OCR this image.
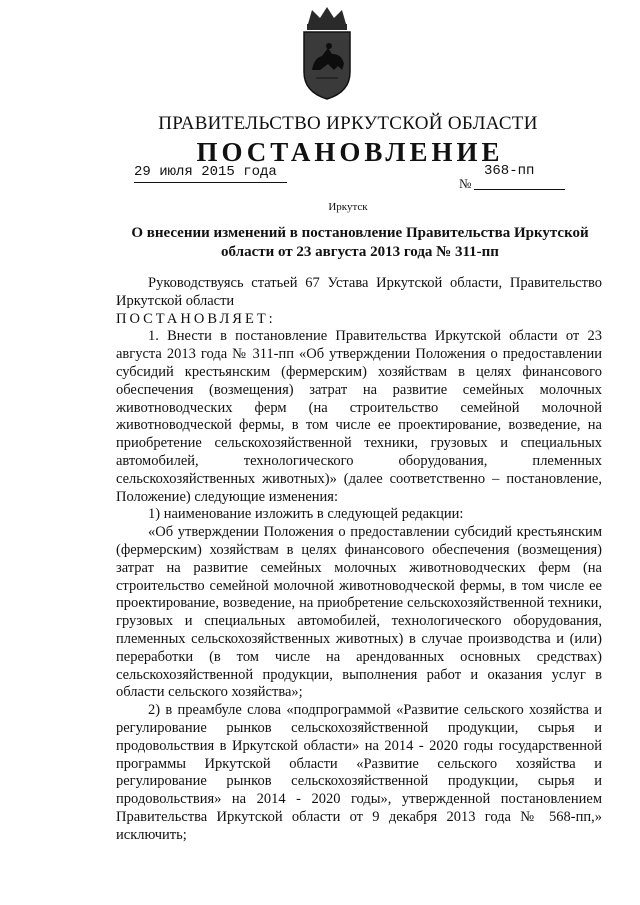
ПРАВИТЕЛЬСТВО ИРКУТСКОЙ ОБЛАСТИ
ПОСТАНОВЛЕНИЕ
29 июля 2015 года	368-пп
№
Иркутск
О внесении изменений в постановление Правительства Иркутской области от 23 августа 2013 года № 311-пп

Руководствуясь статьей 67 Устава Иркутской области, Правительство Иркутской области

ПОСТАНОВЛЯЕТ:

1. Внести в постановление Правительства Иркутской области от 23 августа 2013 года № 311-пп «Об утверждении Положения о предоставлении субсидий крестьянским (фермерским) хозяйствам в целях финансового обеспечения (возмещения) затрат на развитие семейных молочных животноводческих ферм (на строительство семейной молочной животноводческой фермы, в том числе ее проектирование, возведение, на приобретение сельскохозяйственной техники, грузовых и специальных автомобилей, технологического оборудования, племенных сельскохозяйственных животных)» (далее соответственно – постановление, Положение) следующие изменения:

1) наименование изложить в следующей редакции:

«Об утверждении Положения о предоставлении субсидий крестьянским (фермерским) хозяйствам в целях финансового обеспечения (возмещения) затрат на развитие семейных молочных животноводческих ферм (на строительство семейной молочной животноводческой фермы, в том числе ее проектирование, возведение, на приобретение сельскохозяйственной техники, грузовых и специальных автомобилей, технологического оборудования, племенных сельскохозяйственных животных) в случае производства и (или) переработки (в том числе на арендованных основных средствах) сельскохозяйственной продукции, выполнения работ и оказания услуг в области сельского хозяйства»;

2) в преамбуле слова «подпрограммой «Развитие сельского хозяйства и регулирование рынков сельскохозяйственной продукции, сырья и продовольствия в Иркутской области» на 2014 - 2020 годы государственной программы Иркутской области «Развитие сельского хозяйства и регулирование рынков сельскохозяйственной продукции, сырья и продовольствия» на 2014 - 2020 годы», утвержденной постановлением Правительства Иркутской области от 9 декабря 2013 года № 568-пп,» исключить;
